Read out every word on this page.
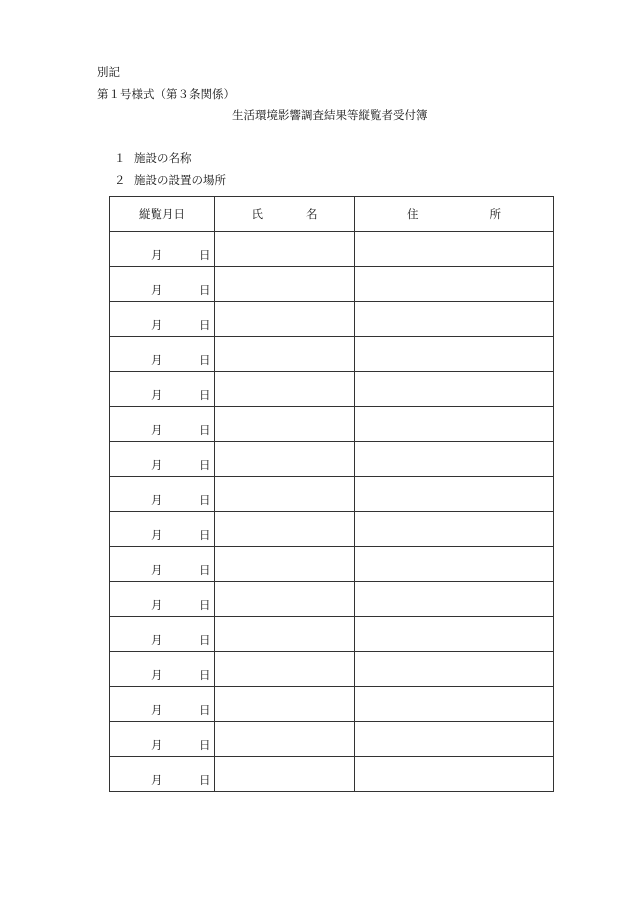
別記
第１号様式（第３条関係）
生活環境影響調査結果等縦覧者受付簿
１ 施設の名称
２ 施設の設置の場所
縦覧月日	氏 名	住 所

月 日		

月 日		

月 日		

月 日		

月 日		

月 日		

月 日		

月 日		

月 日		

月 日		

月 日		

月 日		

月 日		

月 日		

月 日		

月 日		
